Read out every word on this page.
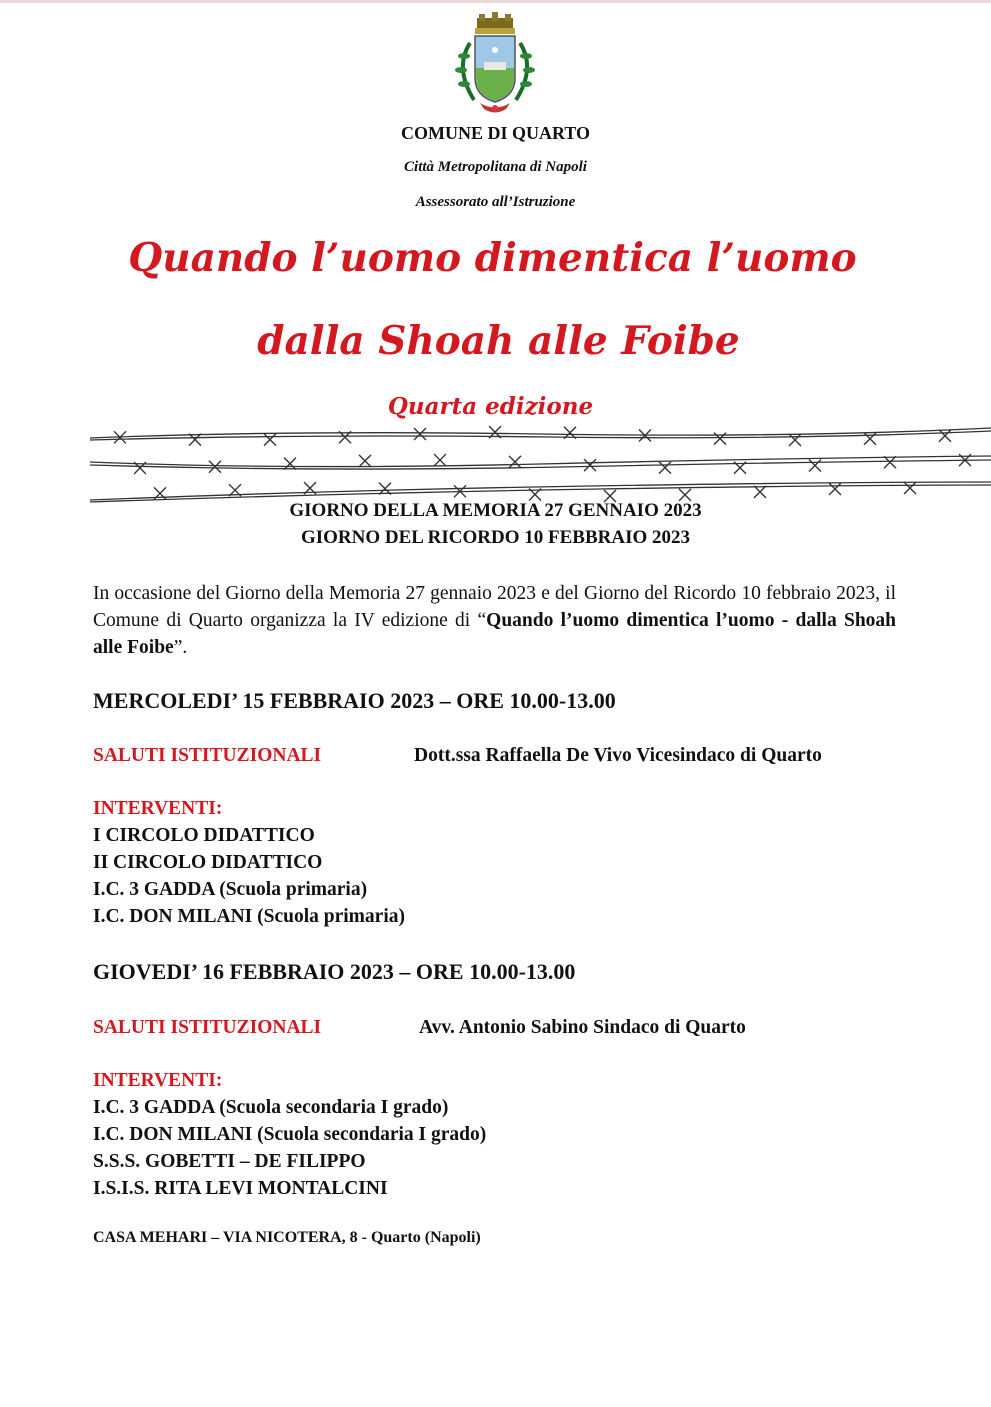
COMUNE DI QUARTO
Città Metropolitana di Napoli
Assessorato all’Istruzione
Quando l’uomo dimentica l’uomo
dalla Shoah alle Foibe
Quarta edizione
GIORNO DELLA MEMORIA 27 GENNAIO 2023
GIORNO DEL RICORDO 10 FEBBRAIO 2023
In occasione del Giorno della Memoria 27 gennaio 2023 e del Giorno del Ricordo 10 febbraio 2023, il Comune di Quarto organizza la IV edizione di “Quando l’uomo dimentica l’uomo - dalla Shoah alle Foibe”.
MERCOLEDI’ 15 FEBBRAIO 2023 – ORE 10.00-13.00
SALUTI ISTITUZIONALI	Dott.ssa Raffaella De Vivo Vicesindaco di Quarto
INTERVENTI:
I CIRCOLO DIDATTICO
II CIRCOLO DIDATTICO
I.C. 3 GADDA (Scuola primaria)
I.C. DON MILANI (Scuola primaria)
GIOVEDI’ 16 FEBBRAIO 2023 – ORE 10.00-13.00
SALUTI ISTITUZIONALI	Avv. Antonio Sabino Sindaco di Quarto
INTERVENTI:
I.C. 3 GADDA (Scuola secondaria I grado)
I.C. DON MILANI (Scuola secondaria I grado)
S.S.S. GOBETTI – DE FILIPPO
I.S.I.S. RITA LEVI MONTALCINI
CASA MEHARI – VIA NICOTERA, 8 - Quarto (Napoli)
